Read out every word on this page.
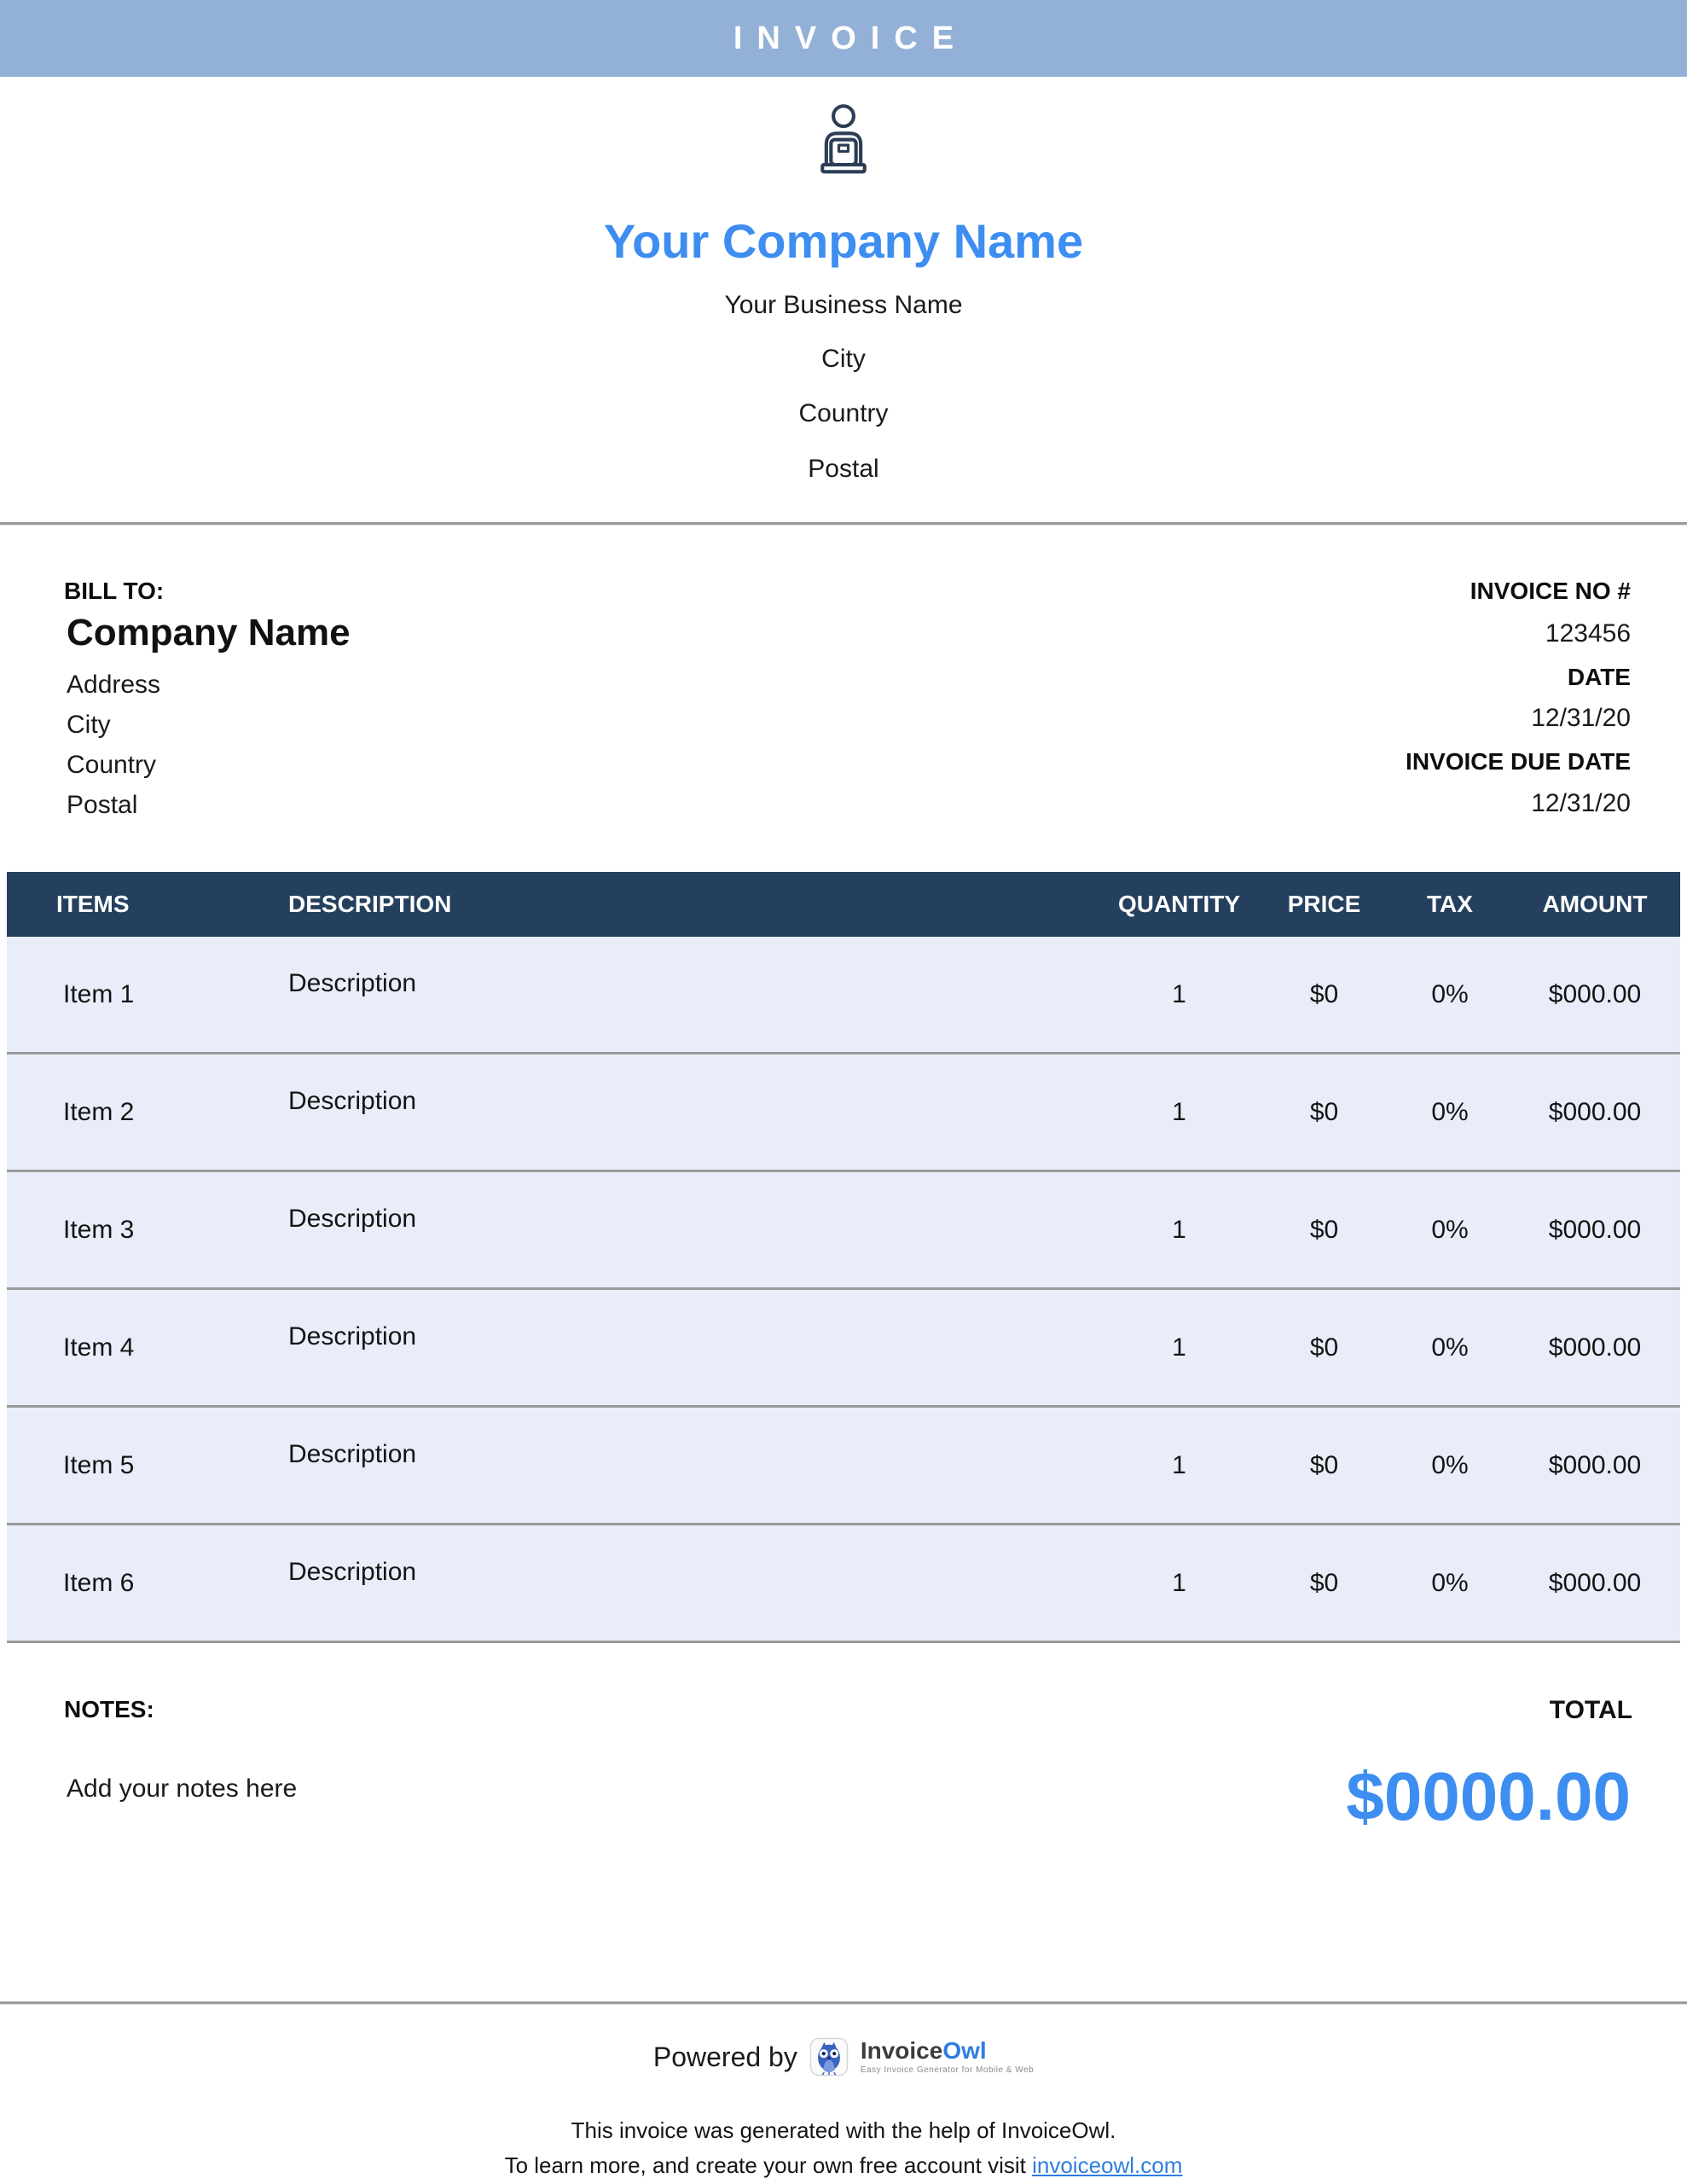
INVOICE
Your Company Name
Your Business Name
City
Country
Postal
BILL TO:
Company Name
Address
City
Country
Postal
INVOICE NO #
123456
DATE
12/31/20
INVOICE DUE DATE
12/31/20
ITEMS	DESCRIPTION	QUANTITY	PRICE	TAX	AMOUNT
Item 1	Description	1	$0	0%	$000.00
Item 2	Description	1	$0	0%	$000.00
Item 3	Description	1	$0	0%	$000.00
Item 4	Description	1	$0	0%	$000.00
Item 5	Description	1	$0	0%	$000.00
Item 6	Description	1	$0	0%	$000.00
NOTES:
Add your notes here
TOTAL
$0000.00
Powered by	InvoiceOwl
Easy Invoice Generator for Mobile & Web
This invoice was generated with the help of InvoiceOwl.
To learn more, and create your own free account visit invoiceowl.com
